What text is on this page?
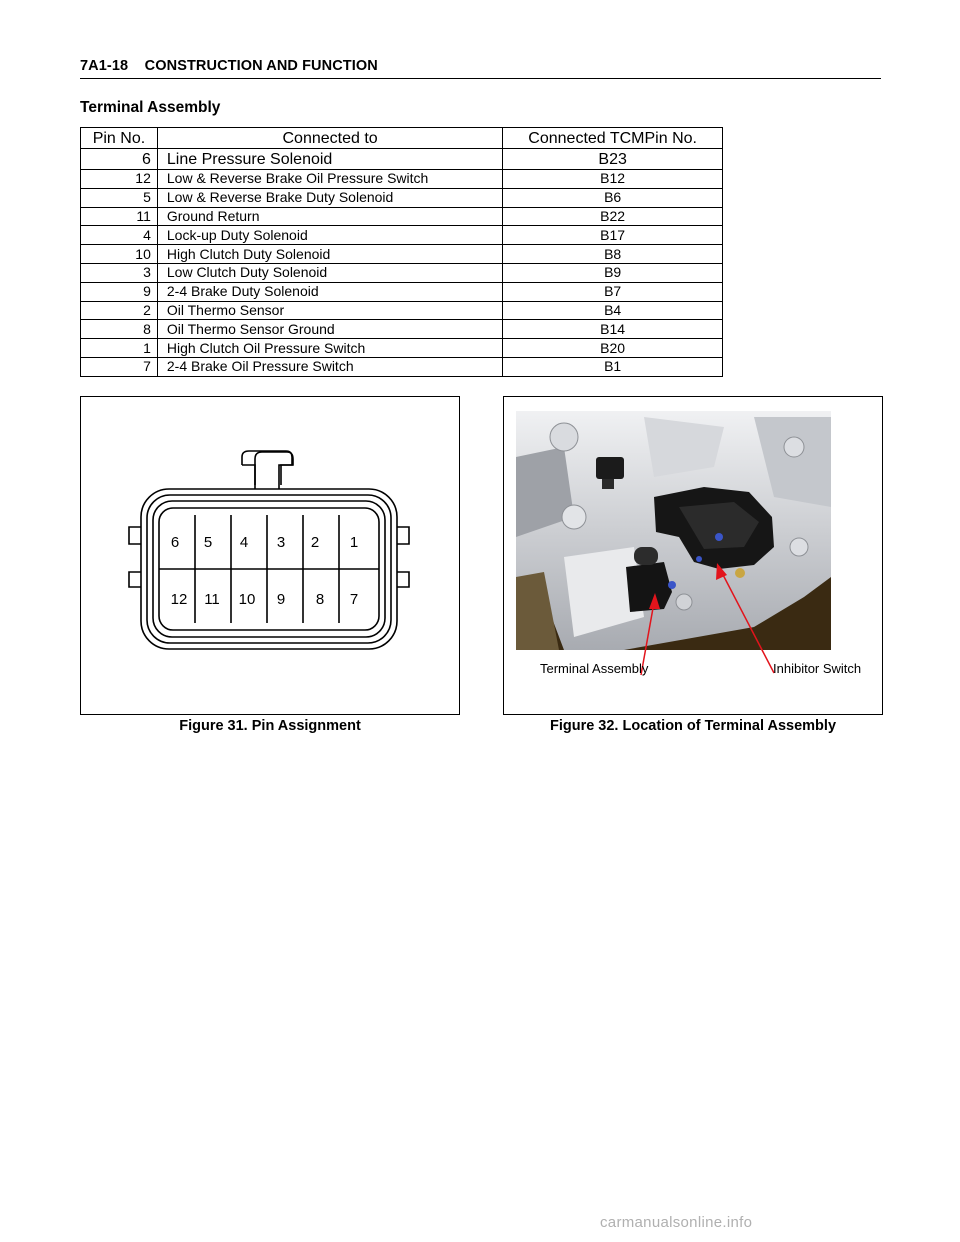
7A1-18    CONSTRUCTION AND FUNCTION
Terminal Assembly
Pin No.	Connected to	Connected TCMPin No.
6	Line Pressure Solenoid	B23
12	Low & Reverse Brake Oil Pressure Switch	B12
5	Low & Reverse Brake Duty Solenoid	B6
11	Ground Return	B22
4	Lock-up Duty Solenoid	B17
10	High Clutch Duty Solenoid	B8
3	Low Clutch Duty Solenoid	B9
9	2-4 Brake Duty Solenoid	B7
2	Oil Thermo Sensor	B4
8	Oil Thermo Sensor Ground	B14
1	High Clutch Oil Pressure Switch	B20
7	2-4 Brake Oil Pressure Switch	B1
6 5 4 3 2 1
12 11 10 9 8 7
Figure 31. Pin Assignment
Terminal Assembly	Inhibitor Switch
Figure 32. Location of Terminal Assembly
carmanualsonline.info
